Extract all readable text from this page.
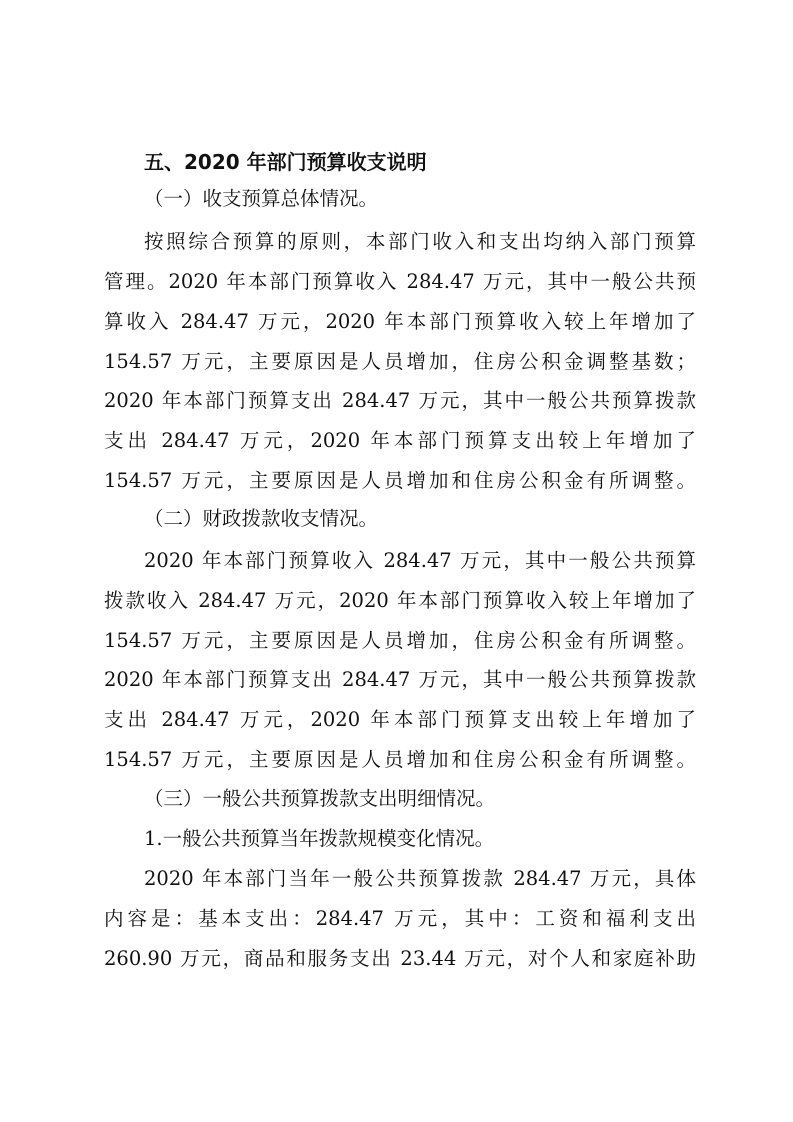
五、2020 年部门预算收支说明
（一）收支预算总体情况。
按照综合预算的原则，本部门收入和支出均纳入部门预算
管理。2020 年本部门预算收入 284.47 万元，其中一般公共预
算收入 284.47 万元，2020 年本部门预算收入较上年增加了
154.57 万元，主要原因是人员增加，住房公积金调整基数；
2020 年本部门预算支出 284.47 万元，其中一般公共预算拨款
支出 284.47 万元，2020 年本部门预算支出较上年增加了
154.57 万元，主要原因是人员增加和住房公积金有所调整。
（二）财政拨款收支情况。
2020 年本部门预算收入 284.47 万元，其中一般公共预算
拨款收入 284.47 万元，2020 年本部门预算收入较上年增加了
154.57 万元，主要原因是人员增加，住房公积金有所调整。
2020 年本部门预算支出 284.47 万元，其中一般公共预算拨款
支出 284.47 万元，2020 年本部门预算支出较上年增加了
154.57 万元，主要原因是人员增加和住房公积金有所调整。
（三）一般公共预算拨款支出明细情况。
1.一般公共预算当年拨款规模变化情况。
2020 年本部门当年一般公共预算拨款 284.47 万元，具体
内容是：基本支出：284.47 万元，其中：工资和福利支出
260.90 万元，商品和服务支出 23.44 万元，对个人和家庭补助
